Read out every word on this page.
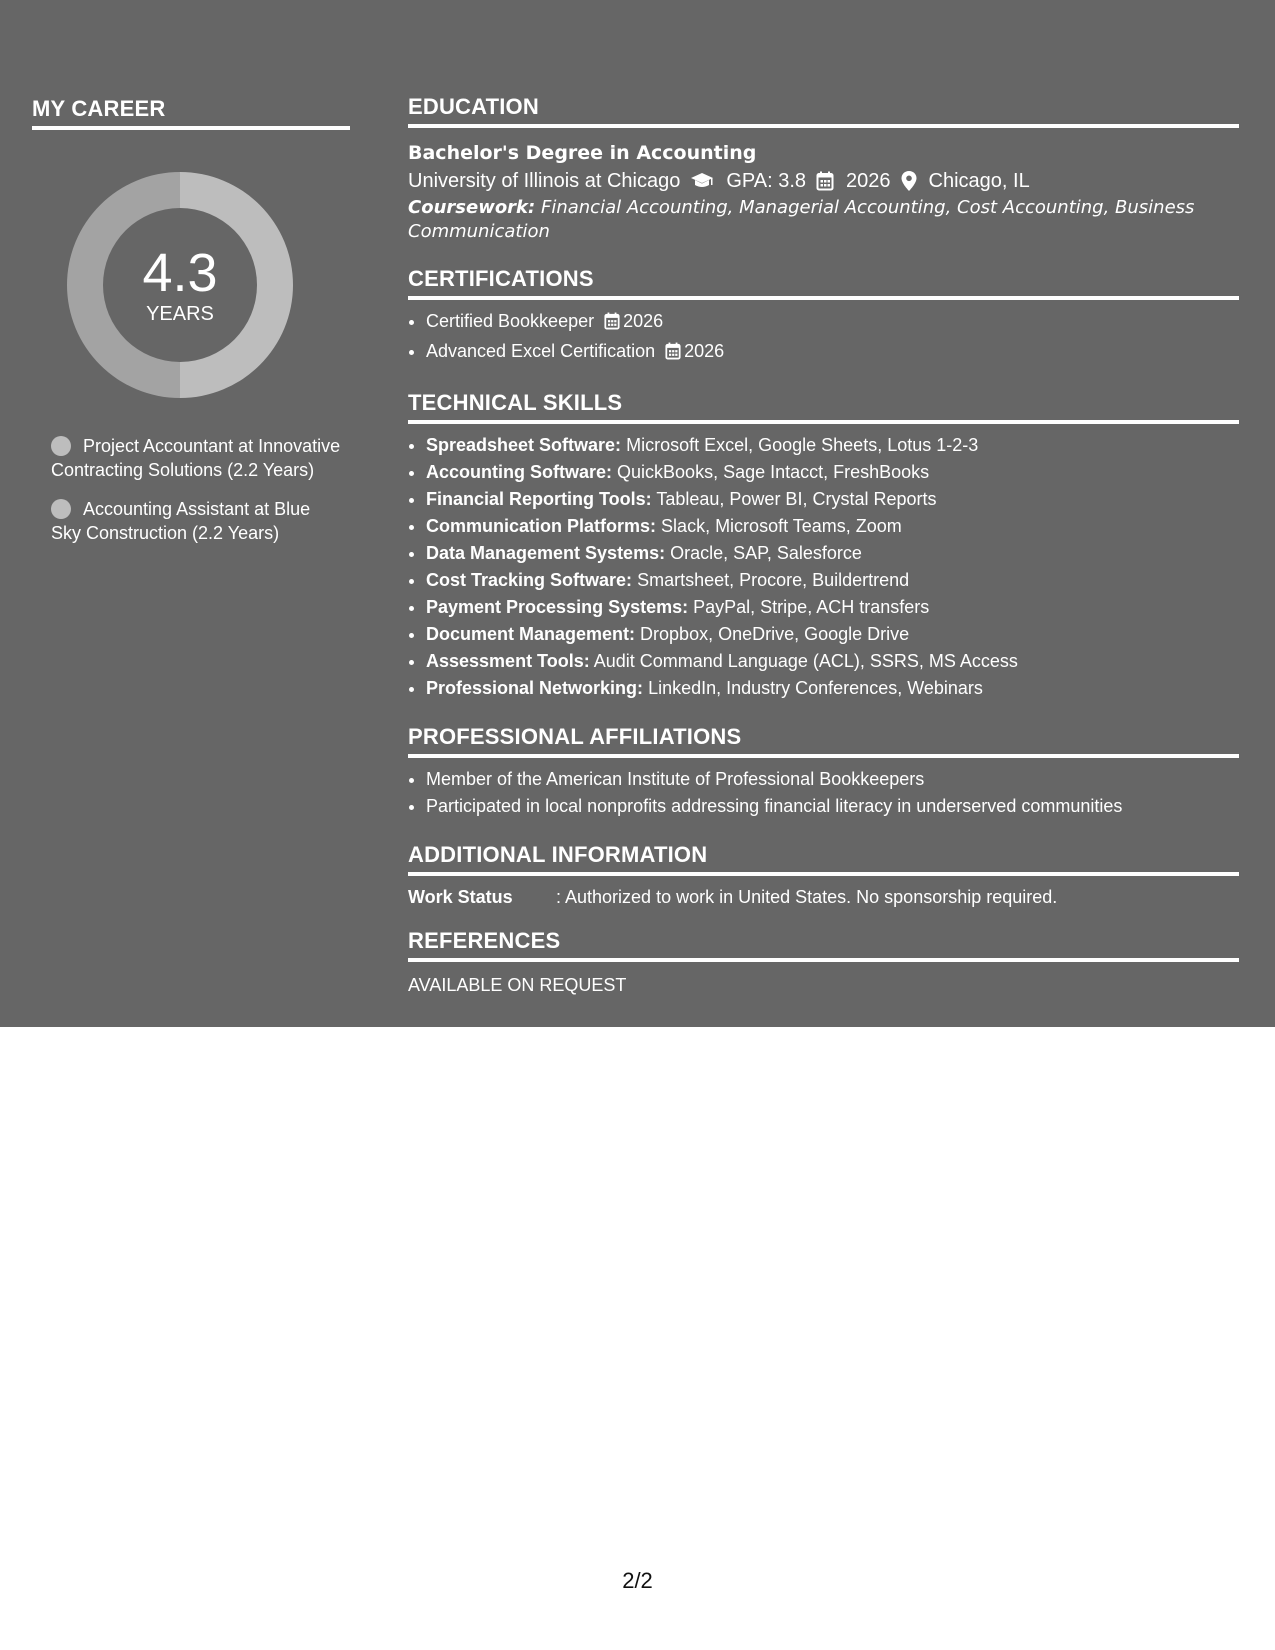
MY CAREER
4.3
YEARS
Project Accountant at Innovative Contracting Solutions (2.2 Years)
Accounting Assistant at Blue Sky Construction (2.2 Years)
EDUCATION
Bachelor's Degree in Accounting
University of Illinois at Chicago GPA: 3.8 2026 Chicago, IL
Coursework: Financial Accounting, Managerial Accounting, Cost Accounting, Business Communication
CERTIFICATIONS
• Certified Bookkeeper 2026
• Advanced Excel Certification 2026
TECHNICAL SKILLS
• Spreadsheet Software: Microsoft Excel, Google Sheets, Lotus 1-2-3
• Accounting Software: QuickBooks, Sage Intacct, FreshBooks
• Financial Reporting Tools: Tableau, Power BI, Crystal Reports
• Communication Platforms: Slack, Microsoft Teams, Zoom
• Data Management Systems: Oracle, SAP, Salesforce
• Cost Tracking Software: Smartsheet, Procore, Buildertrend
• Payment Processing Systems: PayPal, Stripe, ACH transfers
• Document Management: Dropbox, OneDrive, Google Drive
• Assessment Tools: Audit Command Language (ACL), SSRS, MS Access
• Professional Networking: LinkedIn, Industry Conferences, Webinars
PROFESSIONAL AFFILIATIONS
• Member of the American Institute of Professional Bookkeepers
• Participated in local nonprofits addressing financial literacy in underserved communities
ADDITIONAL INFORMATION
Work Status	: Authorized to work in United States. No sponsorship required.
REFERENCES
AVAILABLE ON REQUEST
2/2
